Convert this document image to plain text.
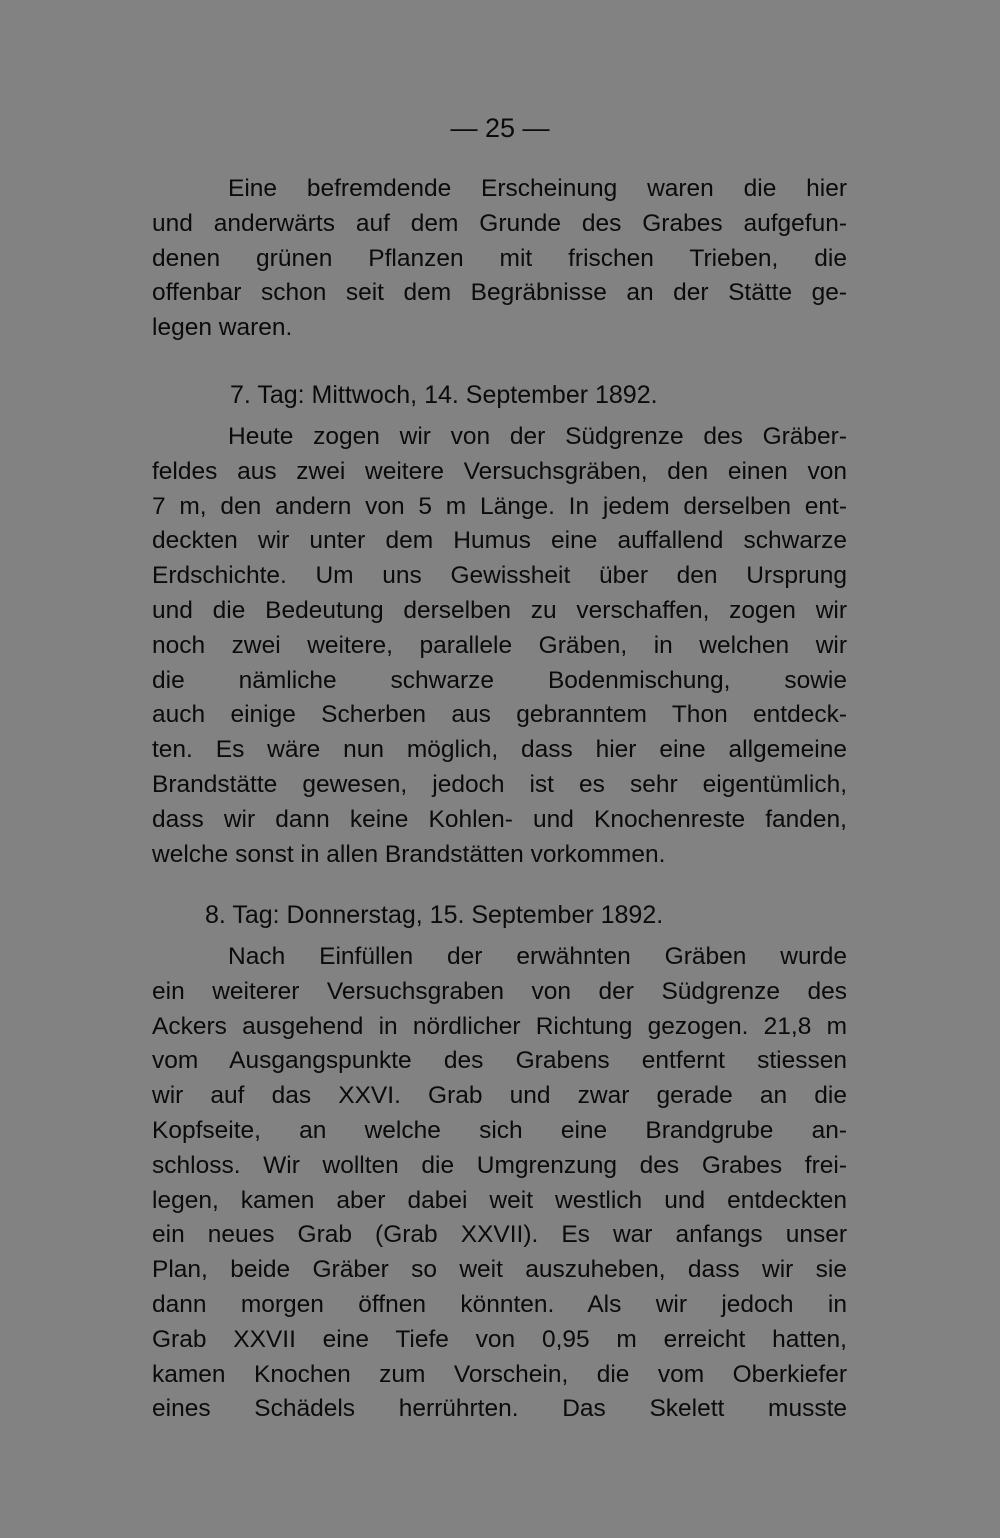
— 25 —
Eine befremdende Erscheinung waren die hier
und anderwärts auf dem Grunde des Grabes aufgefun-
denen grünen Pflanzen mit frischen Trieben, die
offenbar schon seit dem Begräbnisse an der Stätte ge-
legen waren.
7. Tag: Mittwoch, 14. September 1892.
Heute zogen wir von der Südgrenze des Gräber-
feldes aus zwei weitere Versuchsgräben, den einen von
7 m, den andern von 5 m Länge. In jedem derselben ent-
deckten wir unter dem Humus eine auffallend schwarze
Erdschichte. Um uns Gewissheit über den Ursprung
und die Bedeutung derselben zu verschaffen, zogen wir
noch zwei weitere, parallele Gräben, in welchen wir
die nämliche schwarze Bodenmischung, sowie
auch einige Scherben aus gebranntem Thon entdeck-
ten. Es wäre nun möglich, dass hier eine allgemeine
Brandstätte gewesen, jedoch ist es sehr eigentümlich,
dass wir dann keine Kohlen- und Knochenreste fanden,
welche sonst in allen Brandstätten vorkommen.
8. Tag: Donnerstag, 15. September 1892.
Nach Einfüllen der erwähnten Gräben wurde
ein weiterer Versuchsgraben von der Südgrenze des
Ackers ausgehend in nördlicher Richtung gezogen. 21,8 m
vom Ausgangspunkte des Grabens entfernt stiessen
wir auf das XXVI. Grab und zwar gerade an die
Kopfseite, an welche sich eine Brandgrube an-
schloss. Wir wollten die Umgrenzung des Grabes frei-
legen, kamen aber dabei weit westlich und entdeckten
ein neues Grab (Grab XXVII). Es war anfangs unser
Plan, beide Gräber so weit auszuheben, dass wir sie
dann morgen öffnen könnten. Als wir jedoch in
Grab XXVII eine Tiefe von 0,95 m erreicht hatten,
kamen Knochen zum Vorschein, die vom Oberkiefer
eines Schädels herrührten. Das Skelett musste
